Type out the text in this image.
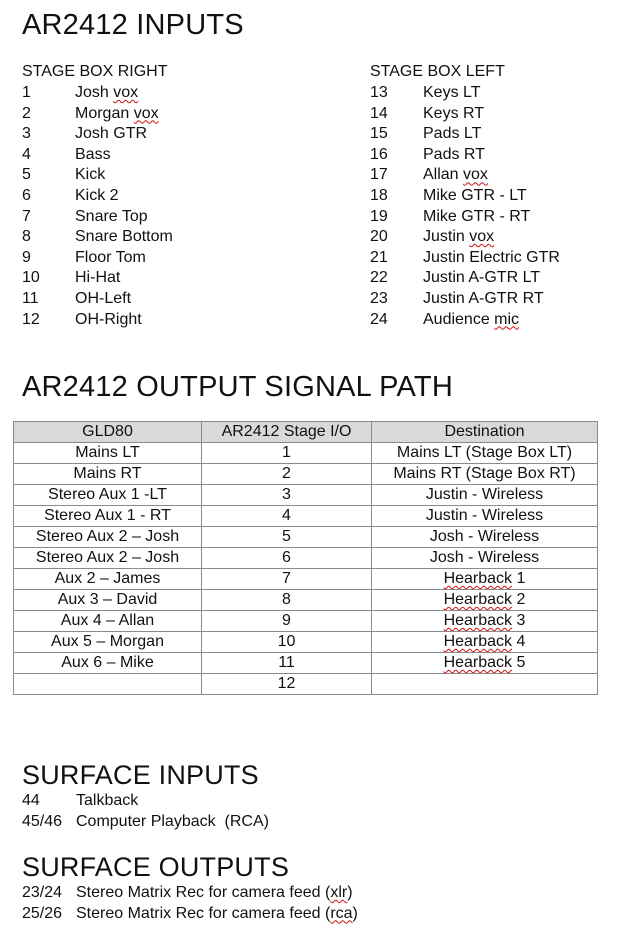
AR2412 INPUTS
STAGE BOX RIGHT
1	Josh vox
2	Morgan vox
3	Josh GTR
4	Bass
5	Kick
6	Kick 2
7	Snare Top
8	Snare Bottom
9	Floor Tom
10 Hi-Hat
11 OH-Left
12 OH-Right
STAGE BOX LEFT
13 Keys LT
14 Keys RT
15 Pads LT
16 Pads RT
17 Allan vox
18 Mike GTR - LT
19 Mike GTR - RT
20 Justin vox
21 Justin Electric GTR
22 Justin A-GTR LT
23 Justin A-GTR RT
24 Audience mic
AR2412 OUTPUT SIGNAL PATH
GLD80	AR2412 Stage I/O	Destination
Mains LT	1	Mains LT (Stage Box LT)
Mains RT	2	Mains RT (Stage Box RT)
Stereo Aux 1 -LT	3	Justin - Wireless
Stereo Aux 1 - RT	4	Justin - Wireless
Stereo Aux 2 – Josh	5	Josh - Wireless
Stereo Aux 2 – Josh	6	Josh - Wireless
Aux 2 – James	7	Hearback 1
Aux 3 – David	8	Hearback 2
Aux 4 – Allan	9	Hearback 3
Aux 5 – Morgan	10	Hearback 4
Aux 6 – Mike	11	Hearback 5
	12	
SURFACE INPUTS
44 Talkback
45/46 Computer Playback  (RCA)
SURFACE OUTPUTS
23/24 Stereo Matrix Rec for camera feed (xlr)
25/26 Stereo Matrix Rec for camera feed (rca)
